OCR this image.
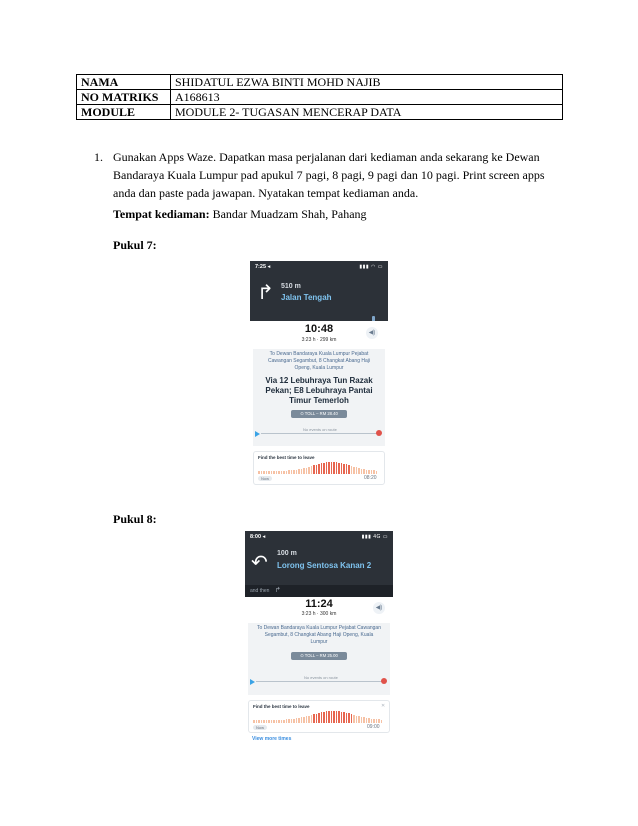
NAMA	SHIDATUL EZWA BINTI MOHD NAJIB
NO MATRIKS	A168613
MODULE	MODULE 2- TUGASAN MENCERAP DATA
1. Gunakan Apps Waze. Dapatkan masa perjalanan dari kediaman anda sekarang ke Dewan Bandaraya Kuala Lumpur pad apukul 7 pagi, 8 pagi, 9 pagi dan 10 pagi. Print screen apps anda dan paste pada jawapan. Nyatakan tempat kediaman anda.
Tempat kediaman: Bandar Muadzam Shah, Pahang
Pukul 7:
Pukul 8:
7:25 ◂	▮▮▮ ◠ ▭
↱ 510 m
Jalan Tengah
10:48
3:23 h · 299 km
◀)
To Dewan Bandaraya Kuala Lumpur Pejabat Cawangan Segambut, 8 Changkat Abang Haji Openg, Kuala Lumpur
Via 12 Lebuhraya Tun Razak Pekan; E8 Lebuhraya Pantai Timur Temerloh
⊙ TOLL – RM 28.40
No events on route
Find the best time to leave
Now	08:20
8:00 ◂	▮▮▮ 4G ▭
↶ 100 m
Lorong Sentosa Kanan 2
and then ↱
11:24
3:23 h · 300 km
◀)
To Dewan Bandaraya Kuala Lumpur Pejabat Cawangan Segambut, 8 Changkat Abang Haji Openg, Kuala Lumpur
⊙ TOLL – RM 25.00
No events on route
Find the best time to leave	✕
Now	09:00
View more times
